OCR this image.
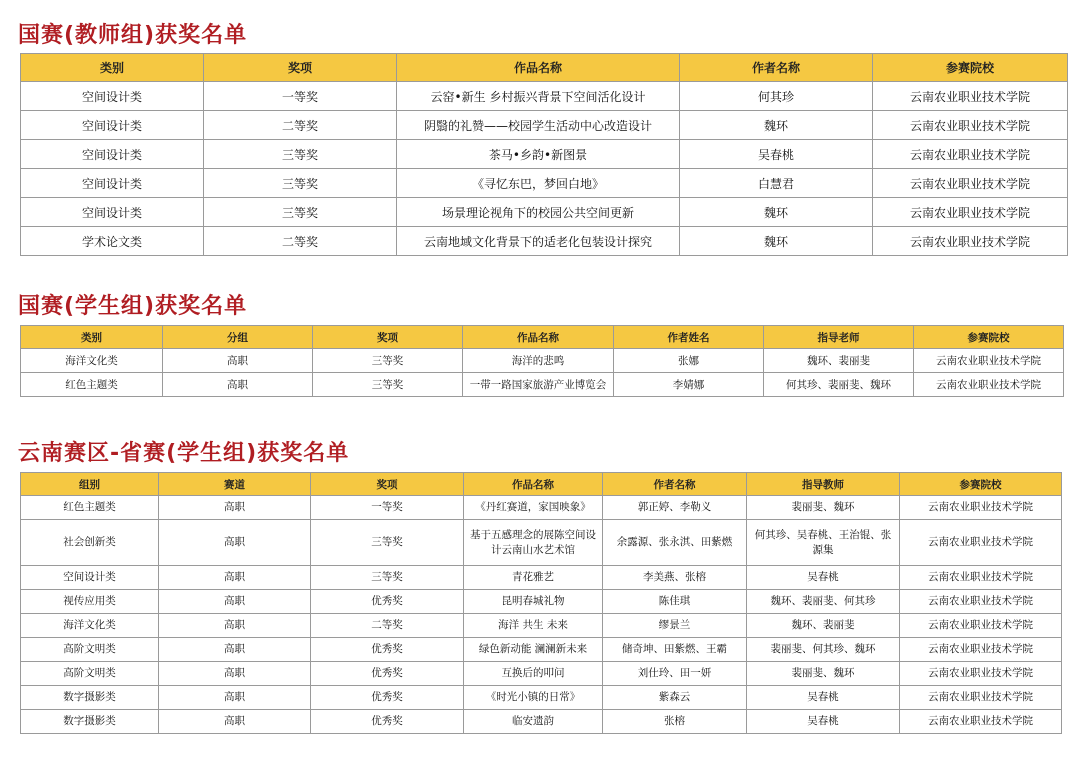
国赛(教师组)获奖名单
类别	奖项	作品名称	作者名称	参赛院校
空间设计类	一等奖	云窑•新生 乡村振兴背景下空间活化设计	何其珍	云南农业职业技术学院
空间设计类	二等奖	阴翳的礼赞——校园学生活动中心改造设计	魏环	云南农业职业技术学院
空间设计类	三等奖	茶马•乡韵•新图景	吴春桃	云南农业职业技术学院
空间设计类	三等奖	《寻忆东巴，梦回白地》	白慧君	云南农业职业技术学院
空间设计类	三等奖	场景理论视角下的校园公共空间更新	魏环	云南农业职业技术学院
学术论文类	二等奖	云南地域文化背景下的适老化包装设计探究	魏环	云南农业职业技术学院
国赛(学生组)获奖名单
类别	分组	奖项	作品名称	作者姓名	指导老师	参赛院校
海洋文化类	高职	三等奖	海洋的悲鸣	张娜	魏环、裴丽斐	云南农业职业技术学院
红色主题类	高职	三等奖	一带一路国家旅游产业博览会	李婧娜	何其珍、裴丽斐、魏环	云南农业职业技术学院
云南赛区-省赛(学生组)获奖名单
组别	赛道	奖项	作品名称	作者名称	指导教师	参赛院校
红色主题类	高职	一等奖	《丹红赛道，家国映象》	郭正婷、李勒义	裴丽斐、魏环	云南农业职业技术学院
社会创新类	高职	三等奖	基于五感理念的展陈空间设计云南山水艺术馆	余露源、张永淇、田紫燃	何其珍、吴春桃、王治锟、张源集	云南农业职业技术学院
空间设计类	高职	三等奖	青花雅艺	李美燕、张榕	吴春桃	云南农业职业技术学院
视传应用类	高职	优秀奖	昆明春城礼物	陈佳琪	魏环、裴丽斐、何其珍	云南农业职业技术学院
海洋文化类	高职	二等奖	海洋 共生 未来	缪景兰	魏环、裴丽斐	云南农业职业技术学院
高阶文明类	高职	优秀奖	绿色新动能 澜澜新未来	储奇坤、田紫燃、王霸	裴丽斐、何其珍、魏环	云南农业职业技术学院
高阶文明类	高职	优秀奖	互换后的叩问	刘仕玲、田一妍	裴丽斐、魏环	云南农业职业技术学院
数字摄影类	高职	优秀奖	《时光小镇的日常》	紫森云	吴春桃	云南农业职业技术学院
数字摄影类	高职	优秀奖	临安遗韵	张榕	吴春桃	云南农业职业技术学院
